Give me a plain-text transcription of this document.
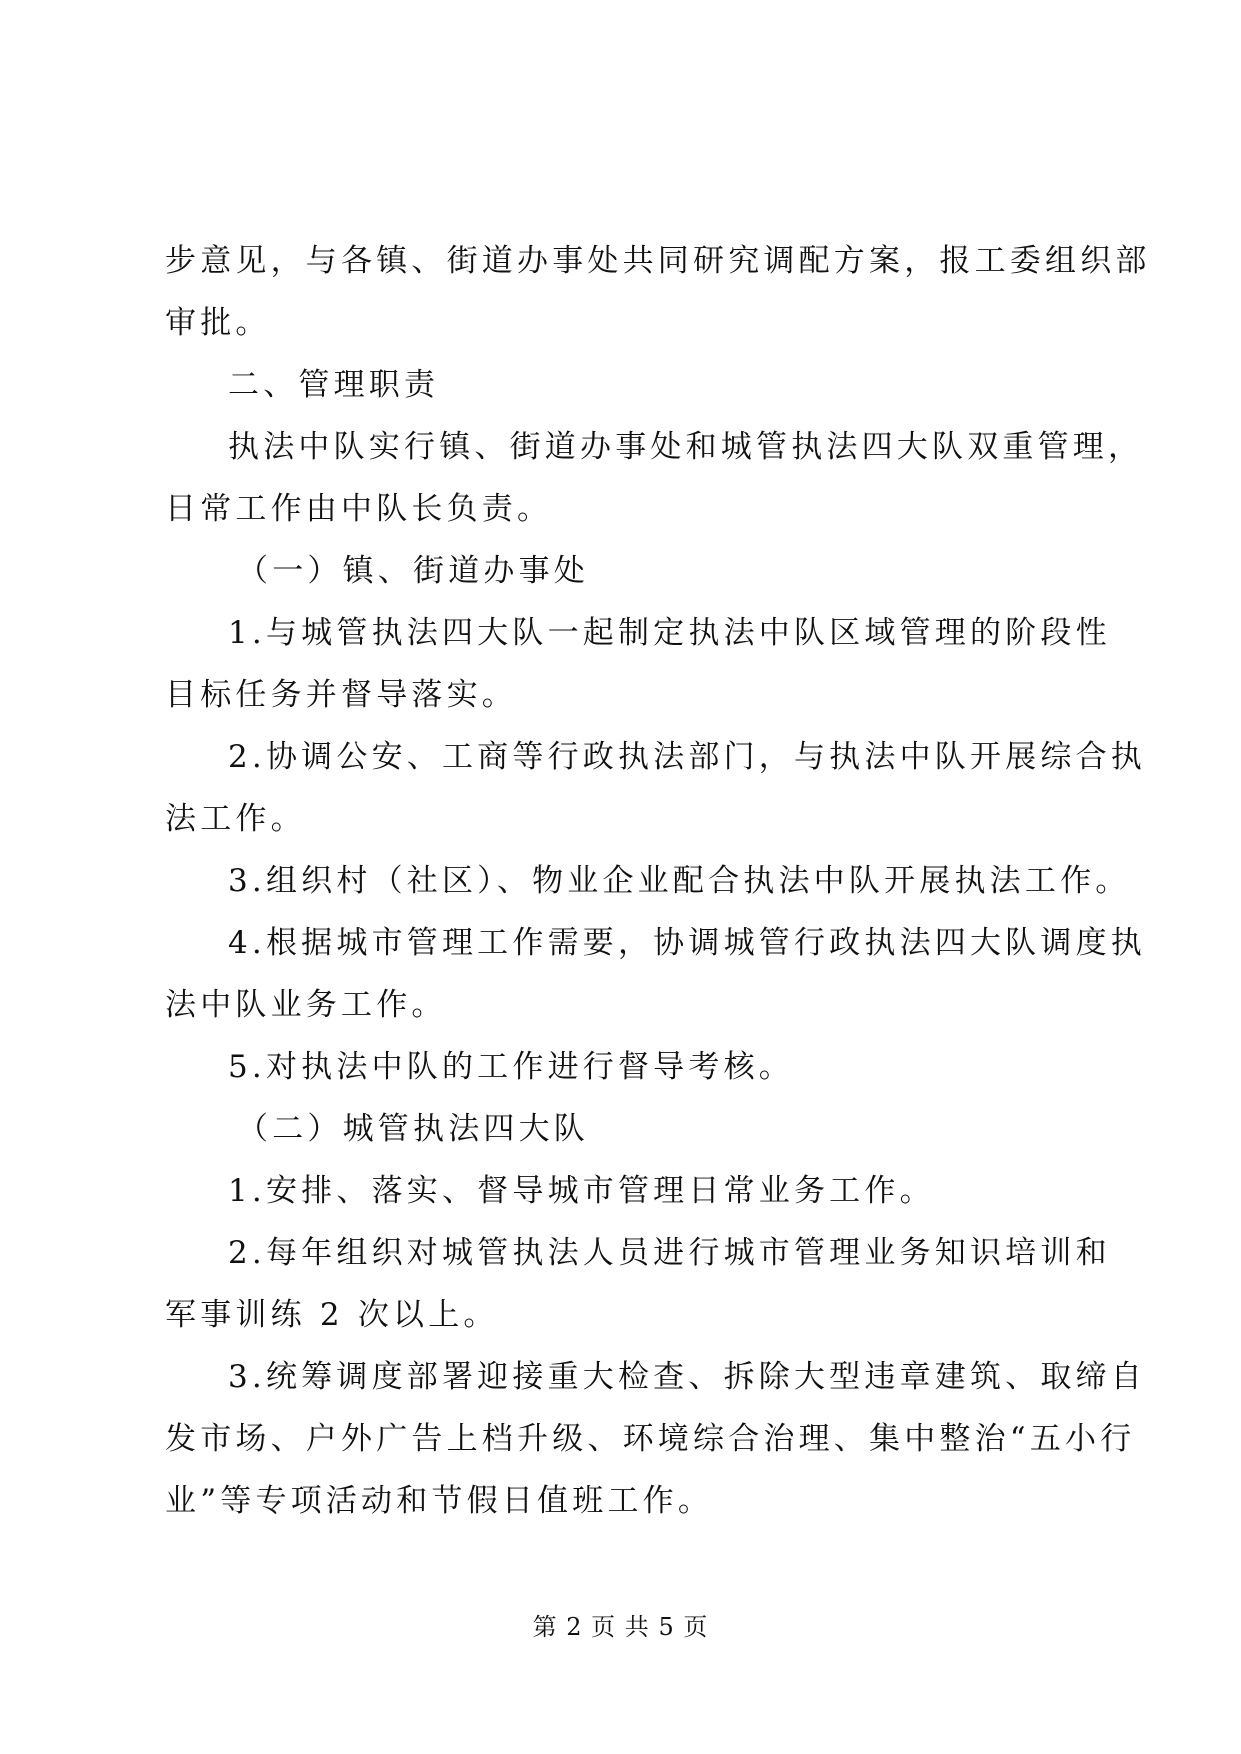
步意见，与各镇、街道办事处共同研究调配方案，报工委组织部
审批。
二、管理职责
执法中队实行镇、街道办事处和城管执法四大队双重管理，
日常工作由中队长负责。
（一）镇、街道办事处
1.与城管执法四大队一起制定执法中队区域管理的阶段性
目标任务并督导落实。
2.协调公安、工商等行政执法部门，与执法中队开展综合执
法工作。
3.组织村（社区）、物业企业配合执法中队开展执法工作。
4.根据城市管理工作需要，协调城管行政执法四大队调度执
法中队业务工作。
5.对执法中队的工作进行督导考核。
（二）城管执法四大队
1.安排、落实、督导城市管理日常业务工作。
2.每年组织对城管执法人员进行城市管理业务知识培训和
军事训练 2 次以上。
3.统筹调度部署迎接重大检查、拆除大型违章建筑、取缔自
发市场、户外广告上档升级、环境综合治理、集中整治“五小行
业”等专项活动和节假日值班工作。
第 2 页 共 5 页
